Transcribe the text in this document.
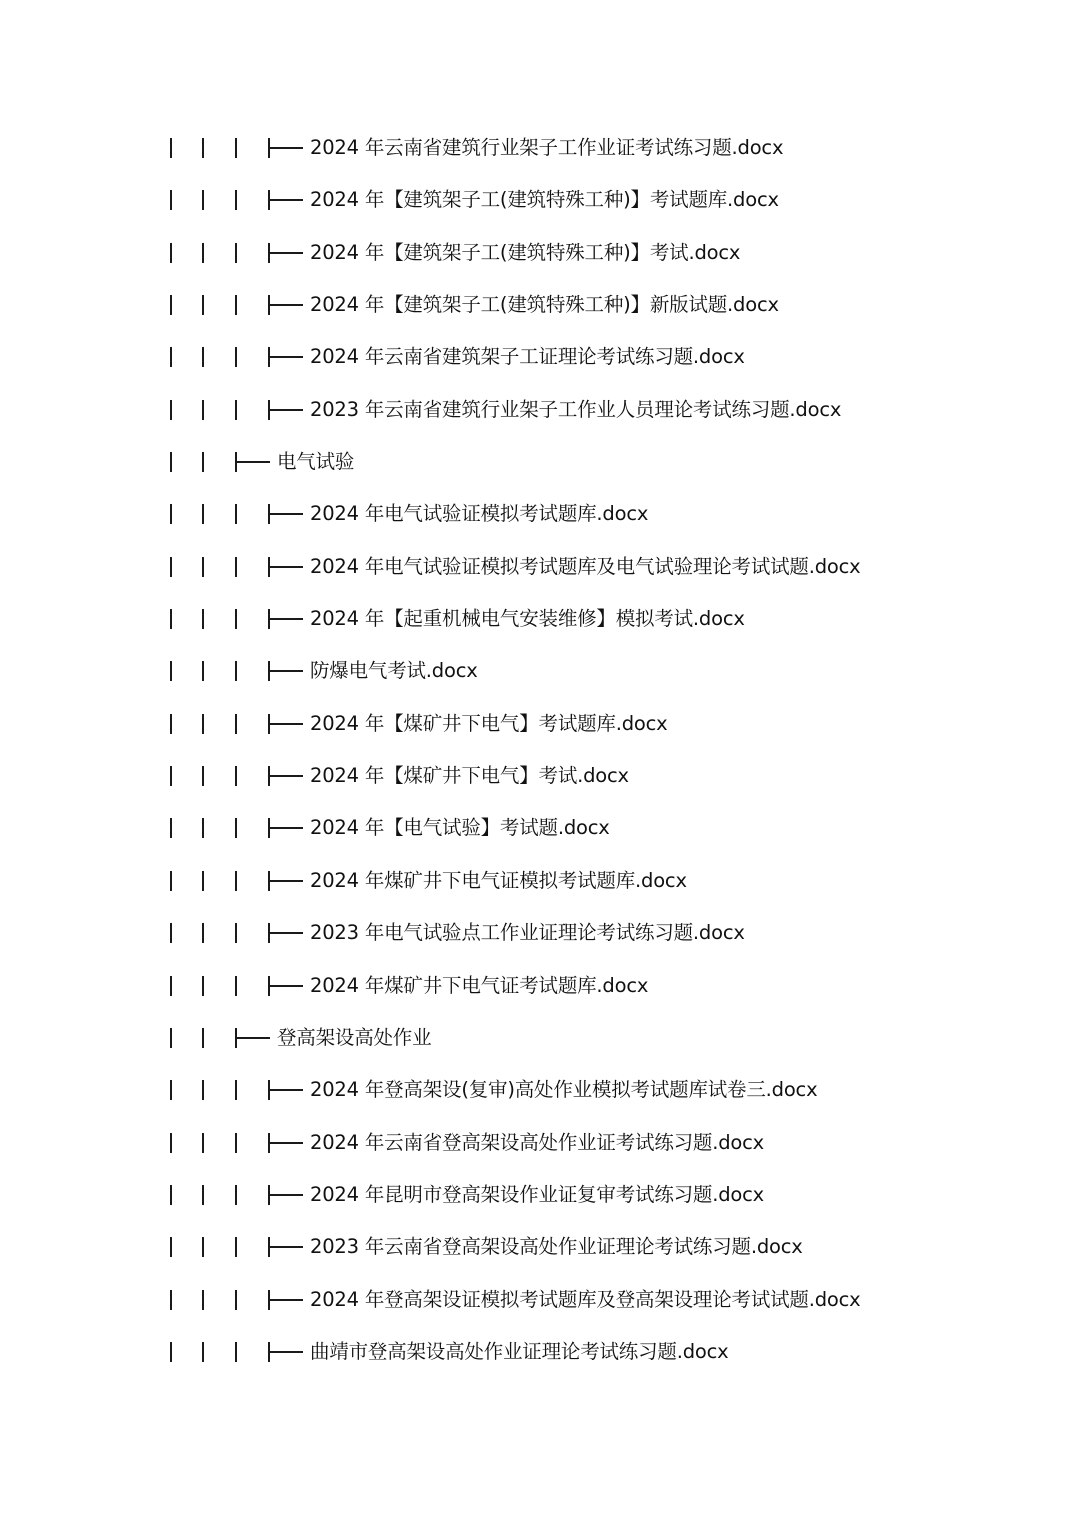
2024 年云南省建筑行业架子工作业证考试练习题.docx
2024 年【建筑架子工(建筑特殊工种)】考试题库.docx
2024 年【建筑架子工(建筑特殊工种)】考试.docx
2024 年【建筑架子工(建筑特殊工种)】新版试题.docx
2024 年云南省建筑架子工证理论考试练习题.docx
2023 年云南省建筑行业架子工作业人员理论考试练习题.docx
电气试验
2024 年电气试验证模拟考试题库.docx
2024 年电气试验证模拟考试题库及电气试验理论考试试题.docx
2024 年【起重机械电气安装维修】模拟考试.docx
防爆电气考试.docx
2024 年【煤矿井下电气】考试题库.docx
2024 年【煤矿井下电气】考试.docx
2024 年【电气试验】考试题.docx
2024 年煤矿井下电气证模拟考试题库.docx
2023 年电气试验点工作业证理论考试练习题.docx
2024 年煤矿井下电气证考试题库.docx
登高架设高处作业
2024 年登高架设(复审)高处作业模拟考试题库试卷三.docx
2024 年云南省登高架设高处作业证考试练习题.docx
2024 年昆明市登高架设作业证复审考试练习题.docx
2023 年云南省登高架设高处作业证理论考试练习题.docx
2024 年登高架设证模拟考试题库及登高架设理论考试试题.docx
曲靖市登高架设高处作业证理论考试练习题.docx
